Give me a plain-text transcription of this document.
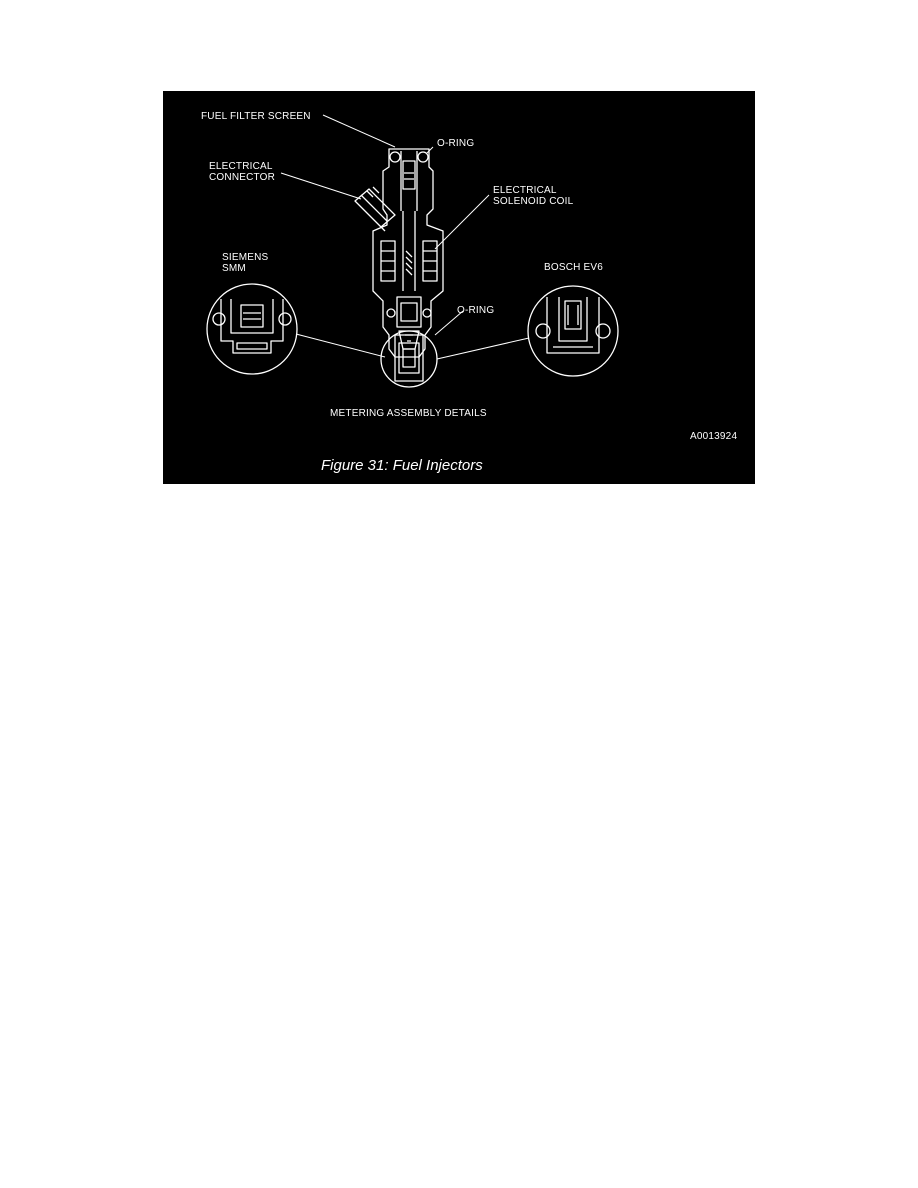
FUEL FILTER SCREEN
O-RING
ELECTRICAL CONNECTOR
ELECTRICAL SOLENOID COIL
SIEMENS SMM	BOSCH EV6
O-RING
METERING ASSEMBLY DETAILS
A0013924
Figure 31: Fuel Injectors
